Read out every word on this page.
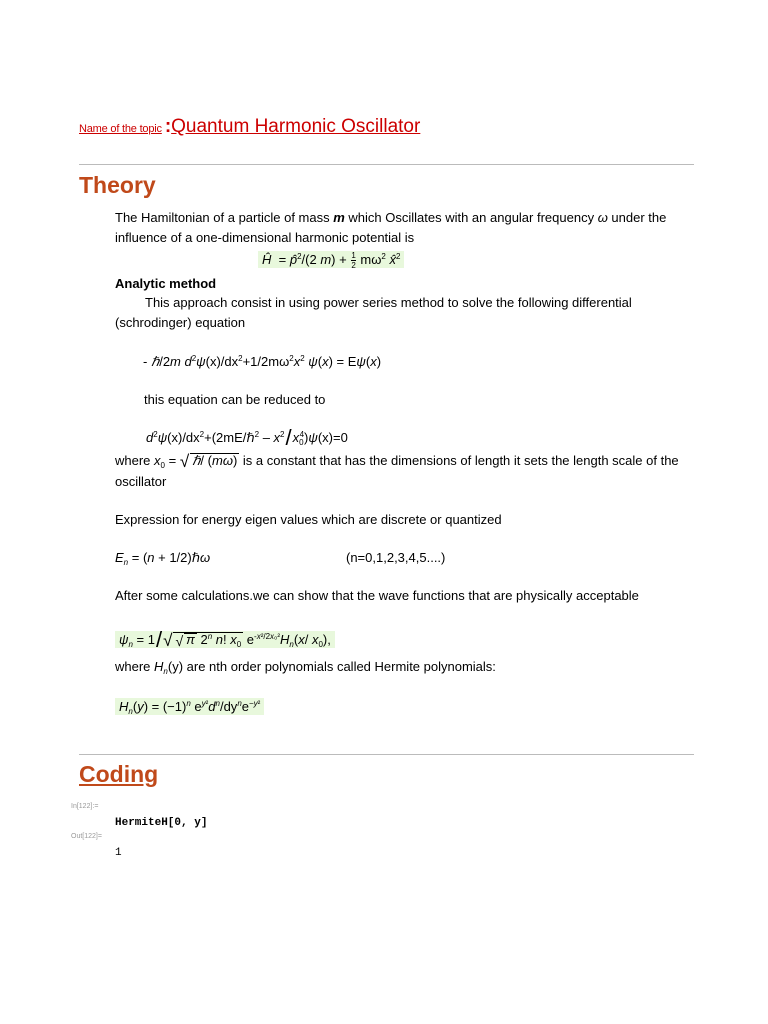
Name of the topic :Quantum Harmonic Oscillator
Theory
The Hamiltonian of a particle of mass m which Oscillates with an angular frequency ω under the
influence of a one-dimensional harmonic potential is
Ĥ  = p̂$^2$/(2 $m) + \frac{1}{2} m\omega^2$ x̂$^2$
Analytic method
This approach consist in using power series method to solve the following differential
(schrodinger) equation
- ℏ/2m $d^2\psi(x)/dx^2+1/2m\omega^2x^2$ ψ(x) = Eψ(x)
this equation can be reduced to
$d^2\psi(x)/dx^2+(2mE/\hbar^2 - x^2/x_0^4)\psi(x)=0$
where $x_0$ = √ ℏ/ (mω) is a constant that has the dimensions of length it sets the length scale of the
oscillator
Expression for energy eigen values which are discrete or quantized
$E_n = (n$ + 1/2)ℏω	(n=0,1,2,3,4,5....)
After some calculations.we can show that the wave functions that are physically acceptable
$\psi_n = 1/√$ √ π 2$^n$ n! $x_0$ $e^{-x^2/2x_0^2}H_n(x/$ $x_0$),
where $H_n(y)$ are nth order polynomials called Hermite polynomials:
$H_n(y) = (-1)^n$ $e^{y^2}d^n/dy^ne^{-y^2}$
Coding
In[122]:=
HermiteH[0, y]
Out[122]=
1
